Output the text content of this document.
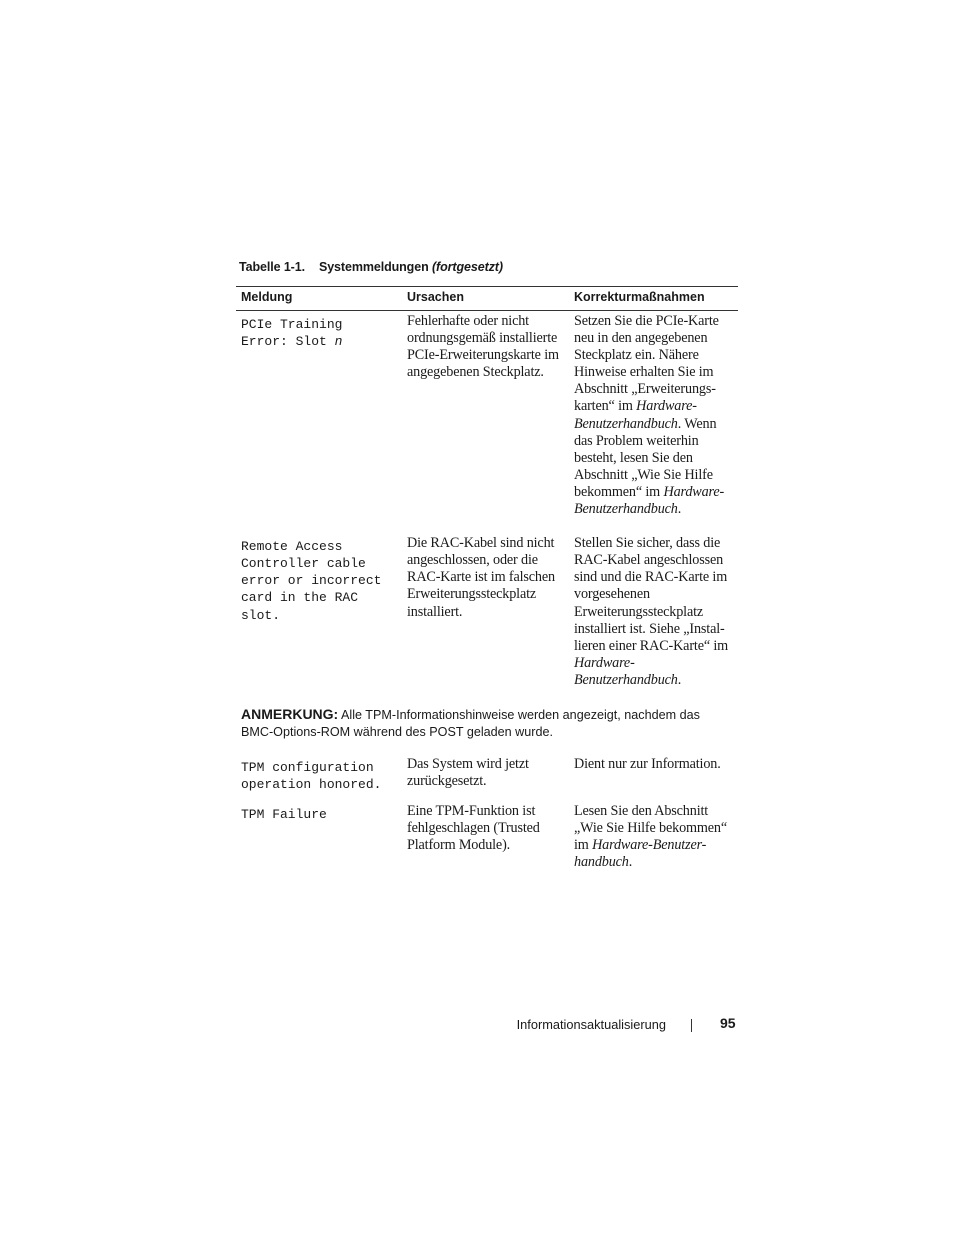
Tabelle 1-1. Systemmeldungen (fortgesetzt)
Meldung	Ursachen	Korrekturmaßnahmen

PCIe Training
Error: Slot n	Fehlerhafte oder nicht ordnungsgemäß installierte PCIe-Erweiterungskarte im angegebenen Steckplatz.	Setzen Sie die PCIe-Karte neu in den angegebenen Steckplatz ein. Nähere Hinweise erhalten Sie im Abschnitt „Erweiterungs-karten“ im Hardware-Benutzerhandbuch. Wenn das Problem weiterhin besteht, lesen Sie den Abschnitt „Wie Sie Hilfe bekommen“ im Hardware-Benutzerhandbuch.

Remote Access
Controller cable
error or incorrect
card in the RAC
slot.	Die RAC-Kabel sind nicht angeschlossen, oder die RAC-Karte ist im falschen Erweiterungssteckplatz installiert.	Stellen Sie sicher, dass die RAC-Kabel angeschlossen sind und die RAC-Karte im vorgesehenen Erweiterungssteckplatz installiert ist. Siehe „Instal-lieren einer RAC-Karte“ im Hardware-Benutzerhandbuch.

ANMERKUNG: Alle TPM-Informationshinweise werden angezeigt, nachdem das BMC-Options-ROM während des POST geladen wurde.		

TPM configuration
operation honored.	Das System wird jetzt zurückgesetzt.	Dient nur zur Information.

TPM Failure	Eine TPM-Funktion ist fehlgeschlagen (Trusted Platform Module).	Lesen Sie den Abschnitt „Wie Sie Hilfe bekommen“ im Hardware-Benutzer-handbuch.
Informationsaktualisierung	95
